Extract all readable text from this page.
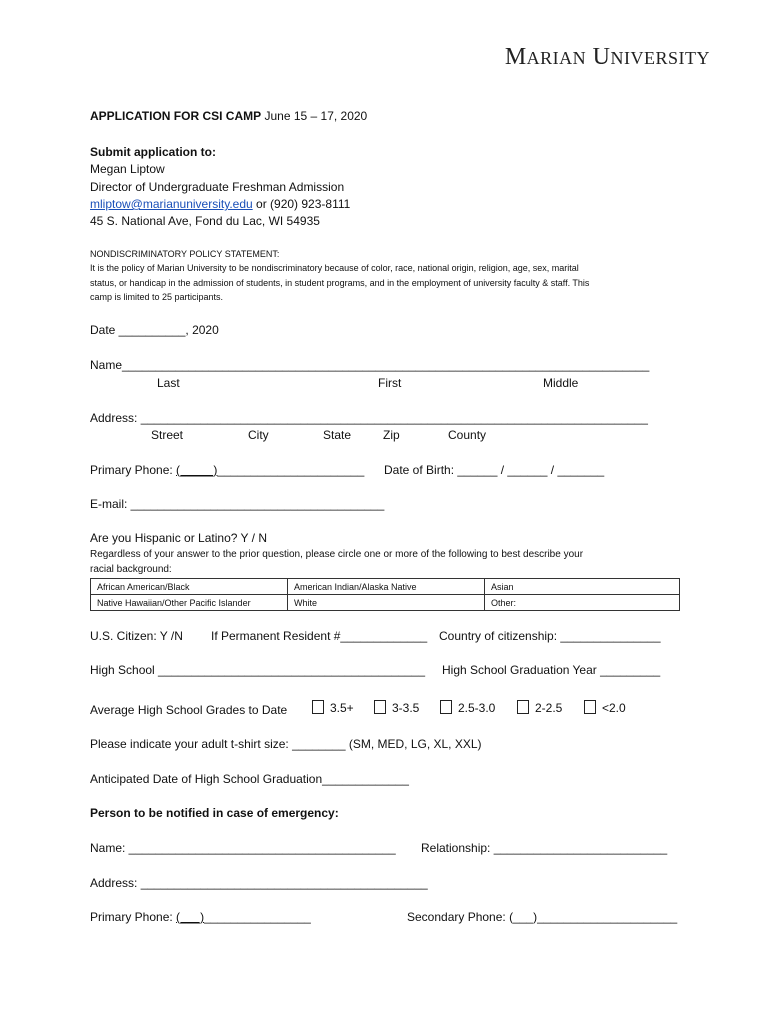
MARIAN UNIVERSITY
APPLICATION FOR CSI CAMP June 15 – 17, 2020
Submit application to:
Megan Liptow
Director of Undergraduate Freshman Admission
mliptow@marianuniversity.edu or (920) 923-8111
45 S. National Ave, Fond du Lac, WI 54935
NONDISCRIMINATORY POLICY STATEMENT:
It is the policy of Marian University to be nondiscriminatory because of color, race, national origin, religion, age, sex, marital
status, or handicap in the admission of students, in student programs, and in the employment of university faculty & staff. This
camp is limited to 25 participants.
Date __________, 2020
Name_______________________________________________________________________________
Last	First	Middle
Address: ____________________________________________________________________________
Street	City	State	Zip	County
Primary Phone: (_____)______________________ Date of Birth: ______ / ______ / _______
E-mail: ______________________________________
Are you Hispanic or Latino? Y / N
Regardless of your answer to the prior question, please circle one or more of the following to best describe your
racial background:
African American/Black	American Indian/Alaska Native	Asian
Native Hawaiian/Other Pacific Islander	White	Other:
U.S. Citizen: Y /N If Permanent Resident #_____________ Country of citizenship: _______________
High School ________________________________________ High School Graduation Year _________
Average High School Grades to Date	3.5+	3-3.5	2.5-3.0	2-2.5	<2.0
Please indicate your adult t-shirt size: ________ (SM, MED, LG, XL, XXL)
Anticipated Date of High School Graduation_____________
Person to be notified in case of emergency:
Name: ________________________________________ Relationship: __________________________
Address: ___________________________________________
Primary Phone: (___)________________	Secondary Phone: (___)_____________________
